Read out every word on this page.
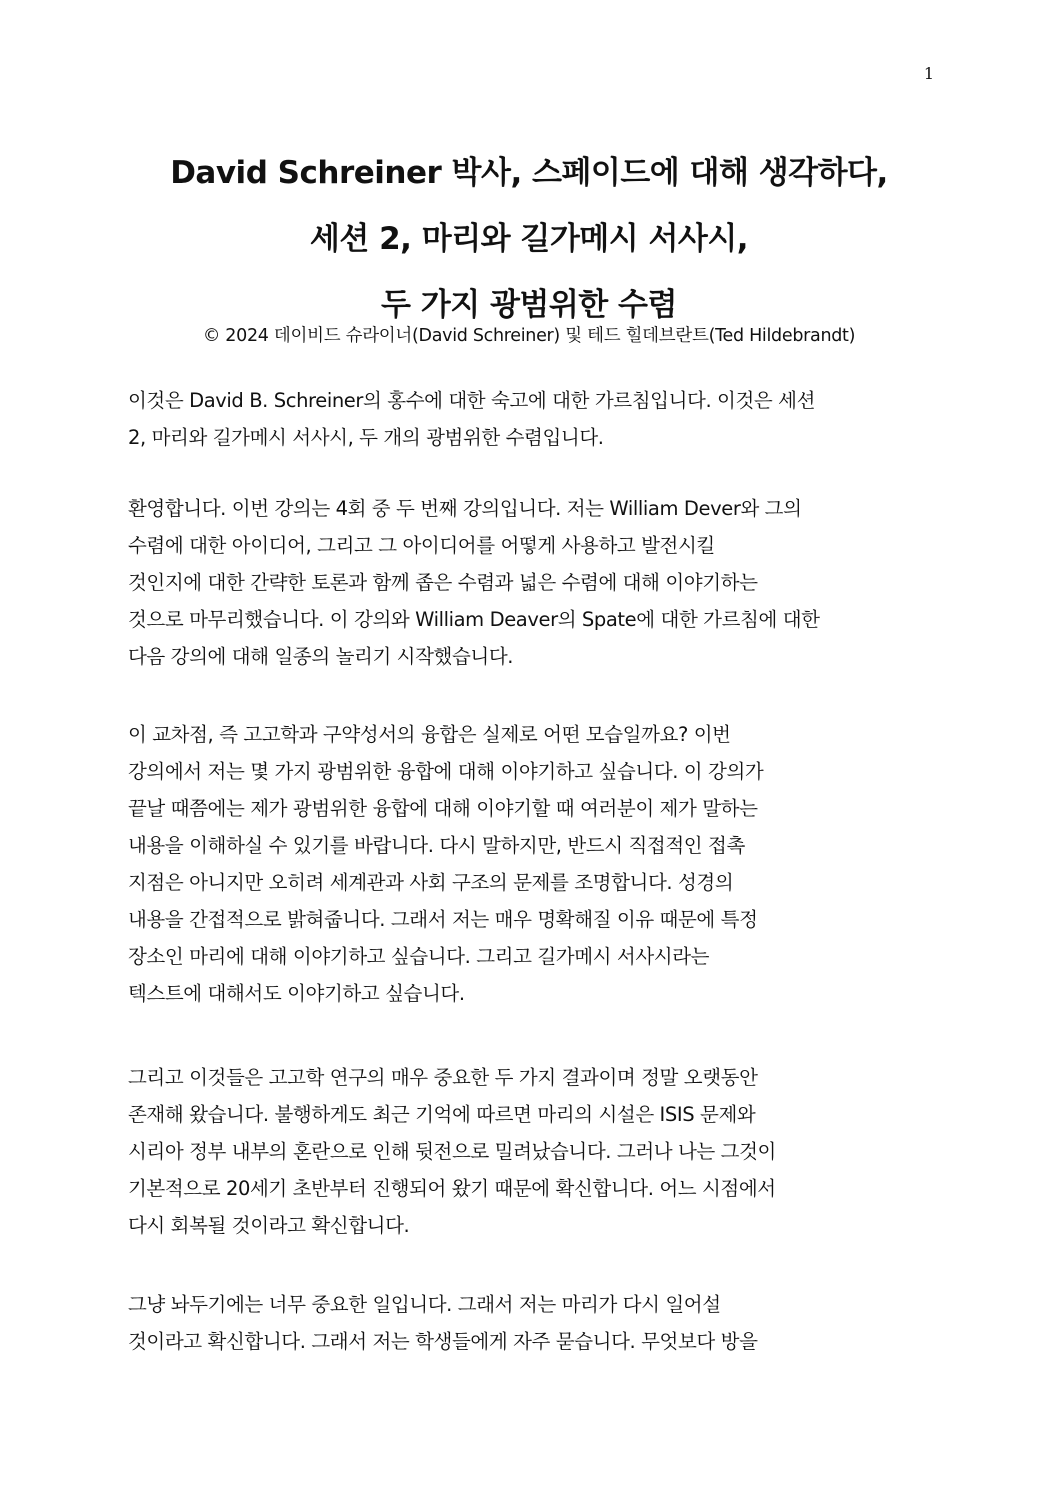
1
David Schreiner 박사, 스페이드에 대해 생각하다,
세션 2, 마리와 길가메시 서사시,
두 가지 광범위한 수렴
© 2024 데이비드 슈라이너(David Schreiner) 및 테드 힐데브란트(Ted Hildebrandt)
이것은 David B. Schreiner의 홍수에 대한 숙고에 대한 가르침입니다. 이것은 세션
2, 마리와 길가메시 서사시, 두 개의 광범위한 수렴입니다.
환영합니다. 이번 강의는 4회 중 두 번째 강의입니다. 저는 William Dever와 그의
수렴에 대한 아이디어, 그리고 그 아이디어를 어떻게 사용하고 발전시킬
것인지에 대한 간략한 토론과 함께 좁은 수렴과 넓은 수렴에 대해 이야기하는
것으로 마무리했습니다. 이 강의와 William Deaver의 Spate에 대한 가르침에 대한
다음 강의에 대해 일종의 놀리기 시작했습니다.
이 교차점, 즉 고고학과 구약성서의 융합은 실제로 어떤 모습일까요? 이번
강의에서 저는 몇 가지 광범위한 융합에 대해 이야기하고 싶습니다. 이 강의가
끝날 때쯤에는 제가 광범위한 융합에 대해 이야기할 때 여러분이 제가 말하는
내용을 이해하실 수 있기를 바랍니다. 다시 말하지만, 반드시 직접적인 접촉
지점은 아니지만 오히려 세계관과 사회 구조의 문제를 조명합니다. 성경의
내용을 간접적으로 밝혀줍니다. 그래서 저는 매우 명확해질 이유 때문에 특정
장소인 마리에 대해 이야기하고 싶습니다. 그리고 길가메시 서사시라는
텍스트에 대해서도 이야기하고 싶습니다.
그리고 이것들은 고고학 연구의 매우 중요한 두 가지 결과이며 정말 오랫동안
존재해 왔습니다. 불행하게도 최근 기억에 따르면 마리의 시설은 ISIS 문제와
시리아 정부 내부의 혼란으로 인해 뒷전으로 밀려났습니다. 그러나 나는 그것이
기본적으로 20세기 초반부터 진행되어 왔기 때문에 확신합니다. 어느 시점에서
다시 회복될 것이라고 확신합니다.
그냥 놔두기에는 너무 중요한 일입니다. 그래서 저는 마리가 다시 일어설
것이라고 확신합니다. 그래서 저는 학생들에게 자주 묻습니다. 무엇보다 방을
